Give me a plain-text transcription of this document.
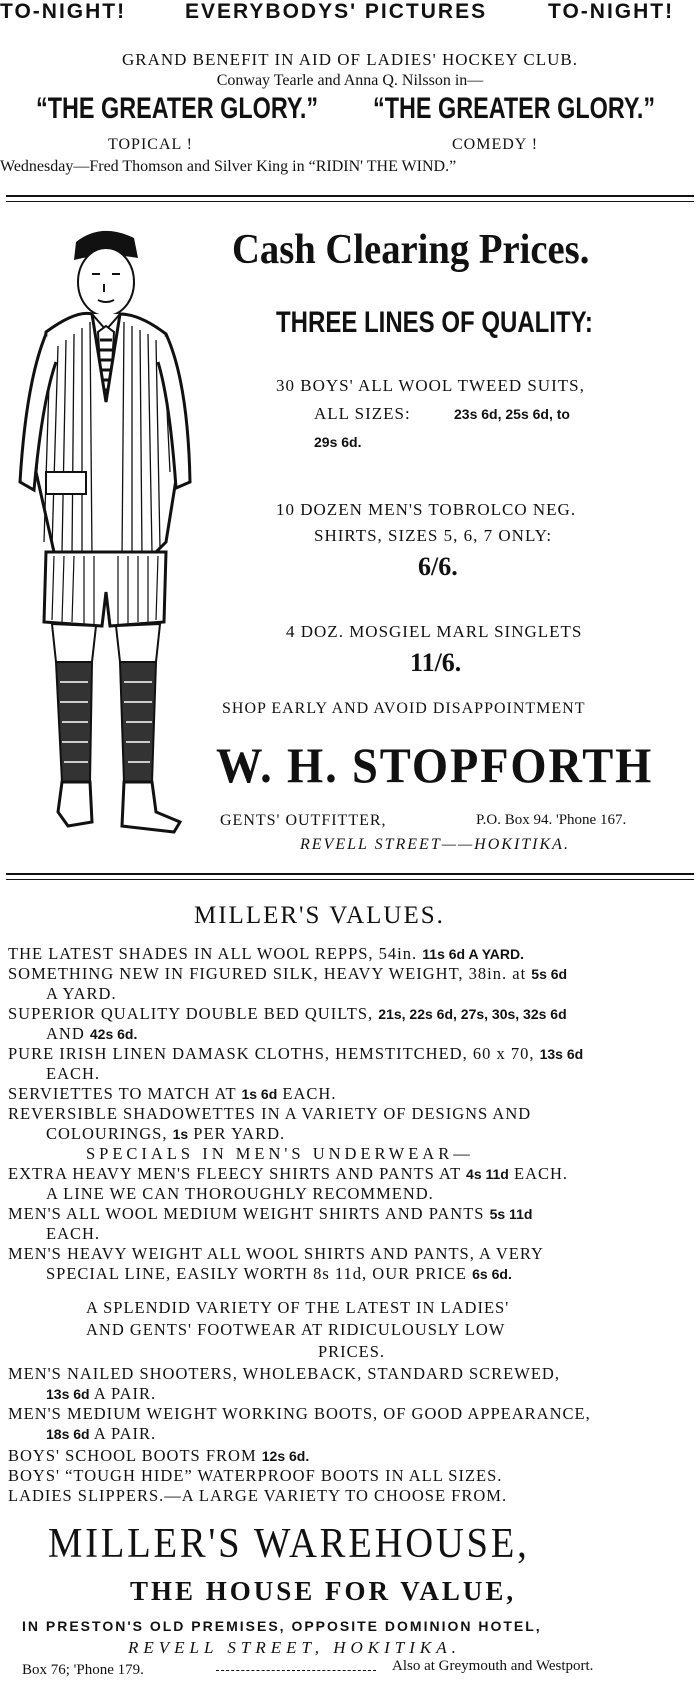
TO-NIGHT!	EVERYBODYS' PICTURES	TO-NIGHT!
GRAND BENEFIT IN AID OF LADIES' HOCKEY CLUB.
Conway Tearle and Anna Q. Nilsson in—
“THE GREATER GLORY.” “THE GREATER GLORY.”
TOPICAL !	COMEDY !
Wednesday—Fred Thomson and Silver King in “RIDIN' THE WIND.”
Cash Clearing Prices.
THREE LINES OF QUALITY:
30 BOYS' ALL WOOL TWEED SUITS,
ALL SIZES:	23s 6d, 25s 6d, to
29s 6d.
10 DOZEN MEN'S TOBROLCO NEG.
SHIRTS, SIZES 5, 6, 7 ONLY:
6/6.
4 DOZ. MOSGIEL MARL SINGLETS
11/6.
SHOP EARLY AND AVOID DISAPPOINTMENT
W. H. STOPFORTH
GENTS' OUTFITTER,	P.O. Box 94. 'Phone 167.
REVELL STREET——HOKITIKA.
MILLER'S VALUES.
THE LATEST SHADES IN ALL WOOL REPPS, 54in. 11s 6d A YARD.
SOMETHING NEW IN FIGURED SILK, HEAVY WEIGHT, 38in. at 5s 6d
A YARD.
SUPERIOR QUALITY DOUBLE BED QUILTS, 21s, 22s 6d, 27s, 30s, 32s 6d
AND 42s 6d.
PURE IRISH LINEN DAMASK CLOTHS, HEMSTITCHED, 60 x 70, 13s 6d
EACH.
SERVIETTES TO MATCH AT 1s 6d EACH.
REVERSIBLE SHADOWETTES IN A VARIETY OF DESIGNS AND
COLOURINGS, 1s PER YARD.
SPECIALS IN MEN'S UNDERWEAR—
EXTRA HEAVY MEN'S FLEECY SHIRTS AND PANTS AT 4s 11d EACH.
A LINE WE CAN THOROUGHLY RECOMMEND.
MEN'S ALL WOOL MEDIUM WEIGHT SHIRTS AND PANTS 5s 11d
EACH.
MEN'S HEAVY WEIGHT ALL WOOL SHIRTS AND PANTS, A VERY
SPECIAL LINE, EASILY WORTH 8s 11d, OUR PRICE 6s 6d.
A SPLENDID VARIETY OF THE LATEST IN LADIES'
AND GENTS' FOOTWEAR AT RIDICULOUSLY LOW
PRICES.
MEN'S NAILED SHOOTERS, WHOLEBACK, STANDARD SCREWED,
13s 6d A PAIR.
MEN'S MEDIUM WEIGHT WORKING BOOTS, OF GOOD APPEARANCE,
18s 6d A PAIR.
BOYS' SCHOOL BOOTS FROM 12s 6d.
BOYS' “TOUGH HIDE” WATERPROOF BOOTS IN ALL SIZES.
LADIES SLIPPERS.—A LARGE VARIETY TO CHOOSE FROM.
MILLER'S WAREHOUSE,
THE HOUSE FOR VALUE,
IN PRESTON'S OLD PREMISES, OPPOSITE DOMINION HOTEL,
REVELL STREET, HOKITIKA.
Box 76; 'Phone 179.	Also at Greymouth and Westport.
